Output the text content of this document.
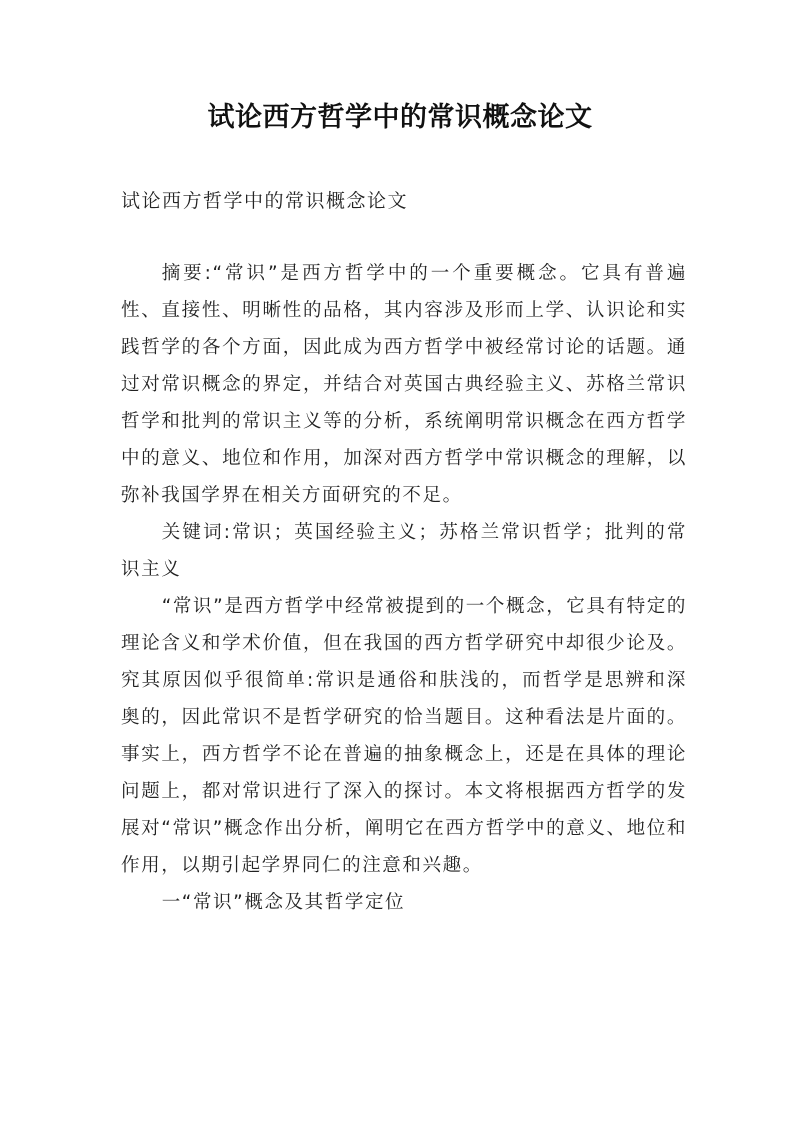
试论西方哲学中的常识概念论文

试论西方哲学中的常识概念论文

摘要:“常识”是西方哲学中的一个重要概念。它具有普遍性、直接性、明晰性的品格，其内容涉及形而上学、认识论和实践哲学的各个方面，因此成为西方哲学中被经常讨论的话题。通过对常识概念的界定，并结合对英国古典经验主义、苏格兰常识哲学和批判的常识主义等的分析，系统阐明常识概念在西方哲学中的意义、地位和作用，加深对西方哲学中常识概念的理解，以弥补我国学界在相关方面研究的不足。

关键词:常识；英国经验主义；苏格兰常识哲学；批判的常识主义

“常识”是西方哲学中经常被提到的一个概念，它具有特定的理论含义和学术价值，但在我国的西方哲学研究中却很少论及。究其原因似乎很简单:常识是通俗和肤浅的，而哲学是思辨和深奥的，因此常识不是哲学研究的恰当题目。这种看法是片面的。事实上，西方哲学不论在普遍的抽象概念上，还是在具体的理论问题上，都对常识进行了深入的探讨。本文将根据西方哲学的发展对“常识”概念作出分析，阐明它在西方哲学中的意义、地位和作用，以期引起学界同仁的注意和兴趣。

一“常识”概念及其哲学定位
